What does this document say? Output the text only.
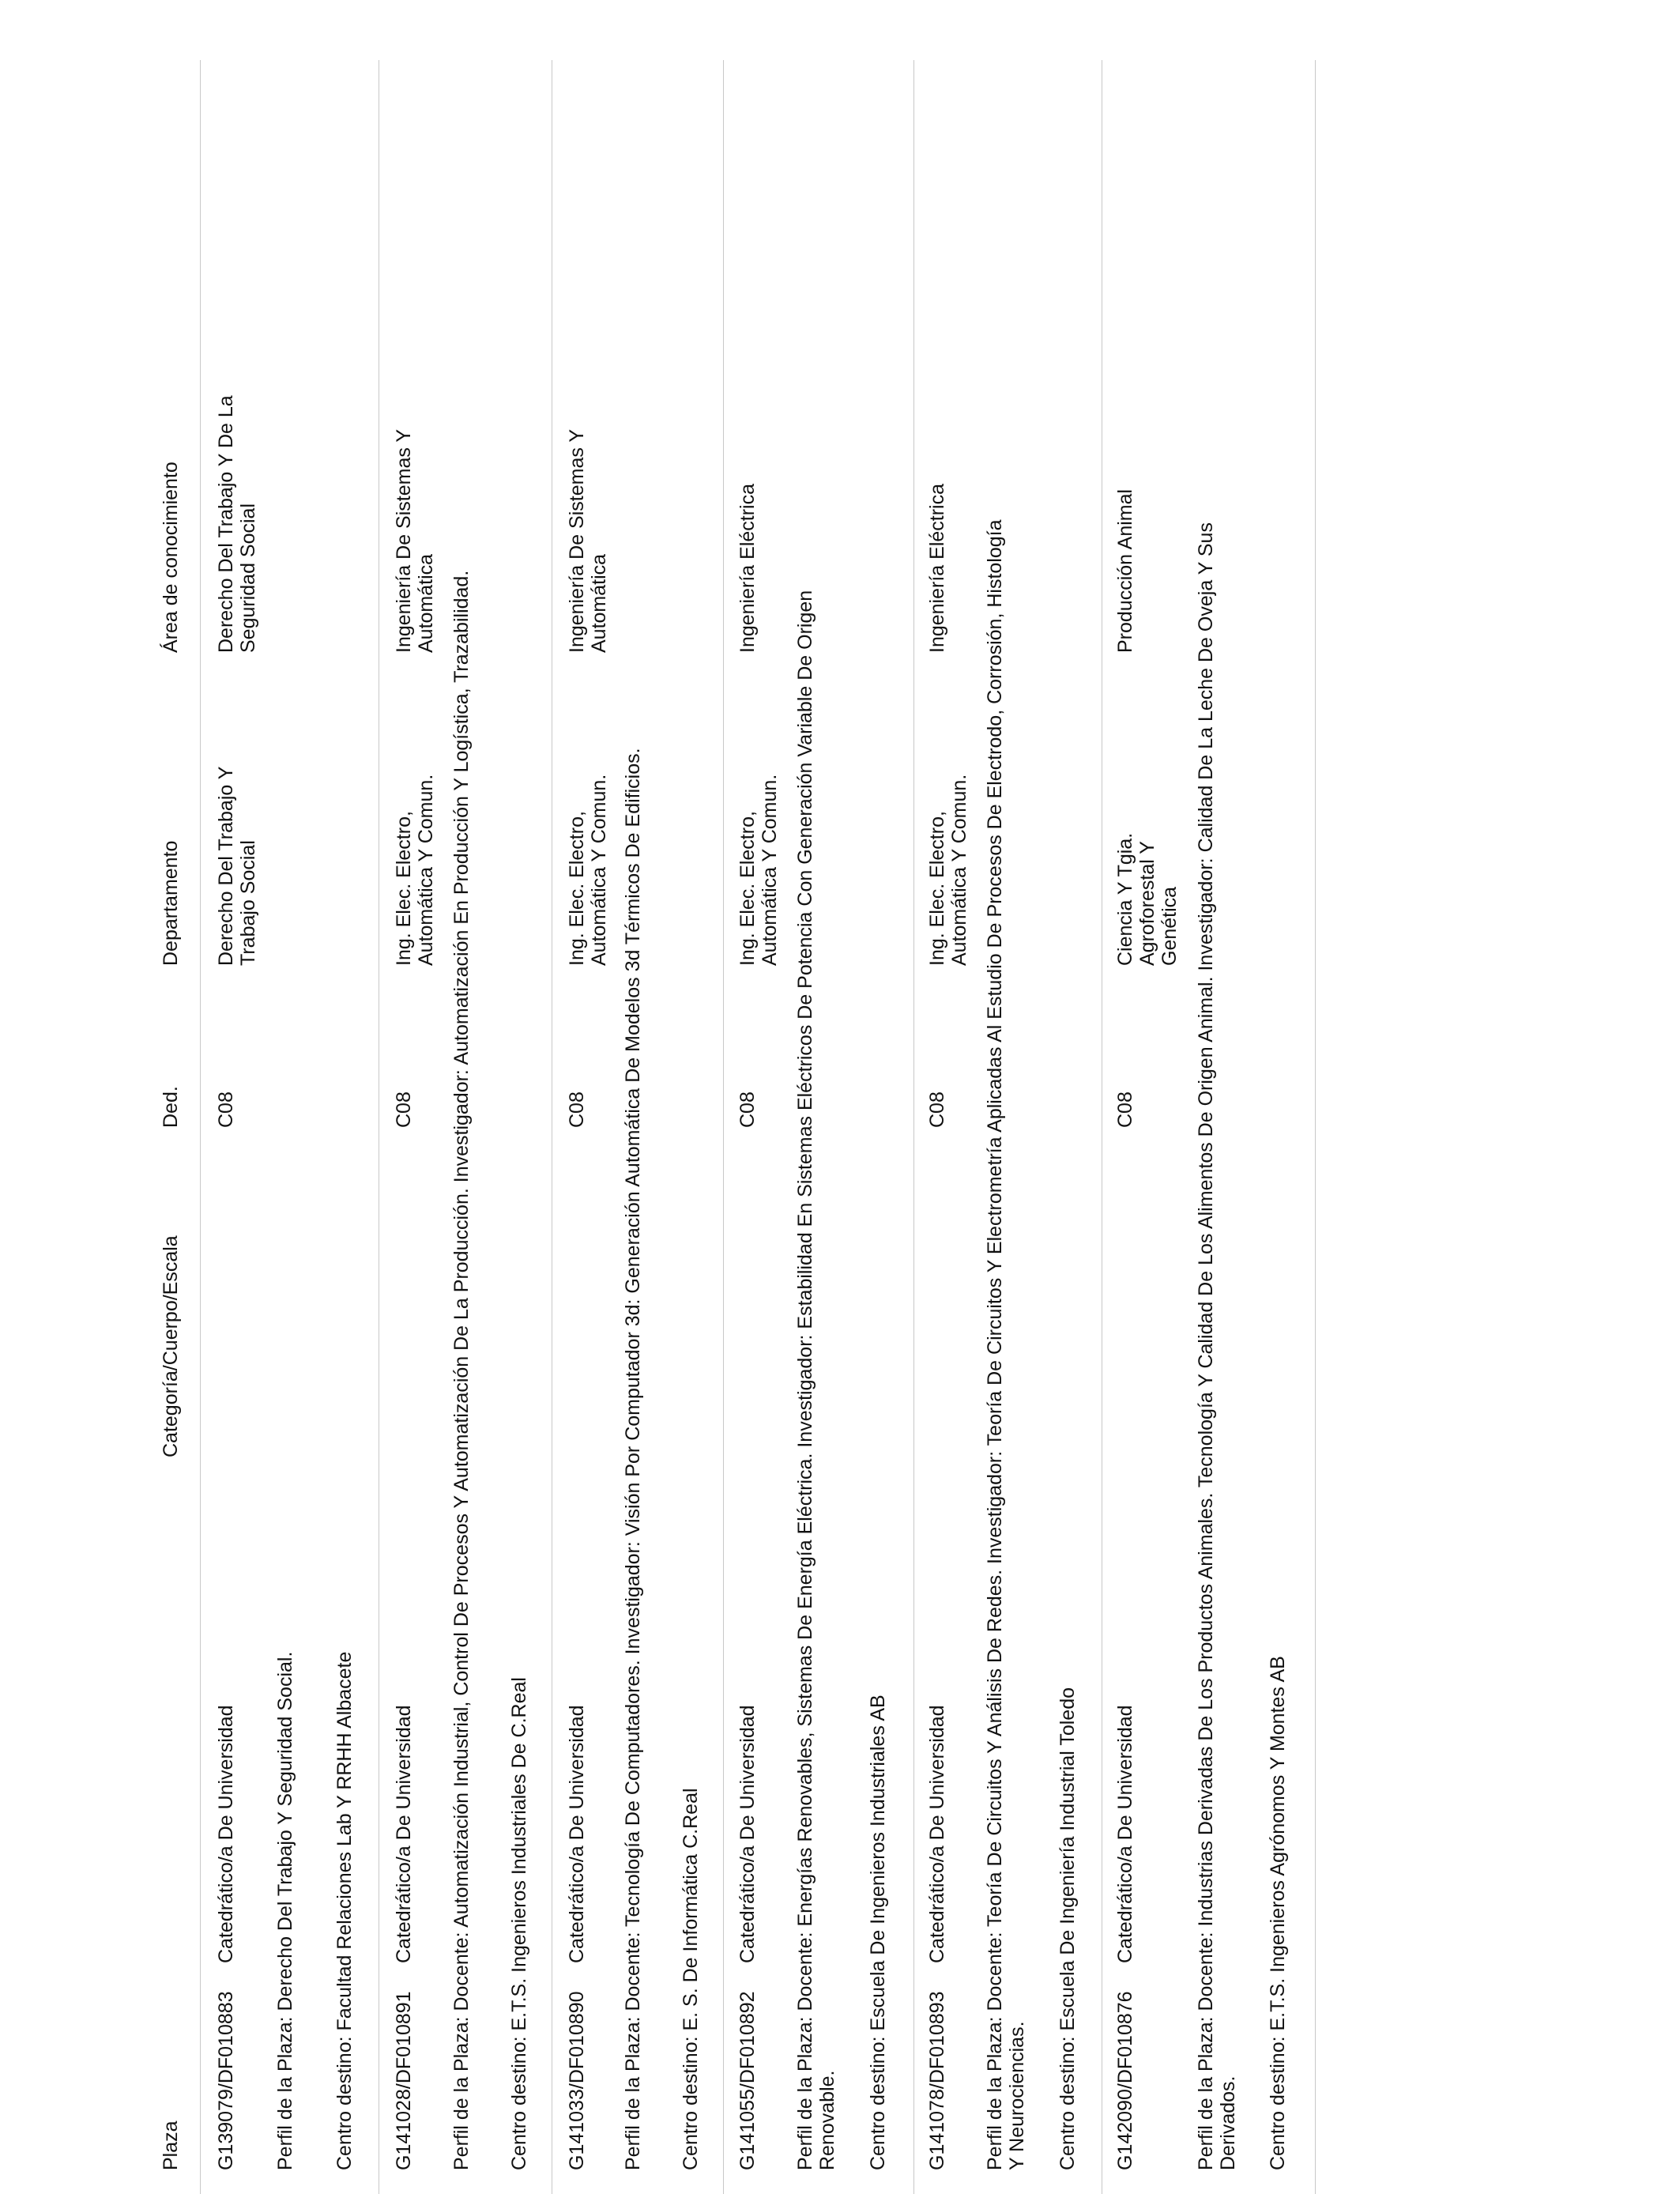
Plaza
Categoría/Cuerpo/Escala
Ded.
Departamento
Área de conocimiento
G139079/DF010883
Catedrático/a De Universidad
C08
Derecho Del Trabajo Y Trabajo Social
Derecho Del Trabajo Y De La Seguridad Social
Perfil de la Plaza: Derecho Del Trabajo Y Seguridad Social. Centro destino: Facultad Relaciones Lab Y RRHH Albacete G141028/DF010891
Catedrático/a De Universidad
C08
Ing. Elec. Electro, Automática Y Comun.
Ingeniería De Sistemas Y Automática Perfil de la Plaza: Docente: Automatización Industrial, Control De Procesos Y Automatización De La Producción. Investigador: Automatización En Producción Y Logística, Trazabilidad. Centro destino: E.T.S. Ingenieros Industriales De C.Real G141033/DF010890
Catedrático/a De Universidad
C08
Ing. Elec. Electro, Automática Y Comun.
Ingeniería De Sistemas Y Automática
Perfil de la Plaza: Docente: Tecnología De Computadores. Investigador: Visión Por Computador 3d: Generación Automática De Modelos 3d Térmicos De Edificios. Centro destino: E. S. De Informática C.Real G141055/DF010892
Catedrático/a De Universidad
C08
Ing. Elec. Electro, Automática Y Comun.
Ingeniería Eléctrica
Perfil de la Plaza: Docente: Energías Renovables, Sistemas De Energía Eléctrica. Investigador: Estabilidad En Sistemas Eléctricos De Potencia Con Generación Variable De Origen Renovable. Centro destino: Escuela De Ingenieros Industriales AB G141078/DF010893
Catedrático/a De Universidad
C08
Ing. Elec. Electro, Automática Y Comun.
Ingeniería Eléctrica Perfil de la Plaza: Docente: Teoría De Circuitos Y Análisis De Redes. Investigador: Teoría De Circuitos Y Electrometría Aplicadas Al Estudio De Procesos De Electrodo, Corrosión, Histología Y Neurociencias. Centro destino: Escuela De Ingeniería Industrial Toledo G142090/DF010876
Catedrático/a De Universidad
C08
Ciencia Y Tgia. Agroforestal Y Genética
Producción Animal	Perfil de la Plaza: Docente: Industrias Derivadas De Los Productos Animales. Tecnología Y Calidad De Los Alimentos De Origen Animal. Investigador: Calidad De La Leche De Oveja Y Sus Derivados. Centro destino: E.T.S. Ingenieros Agrónomos Y Montes AB
